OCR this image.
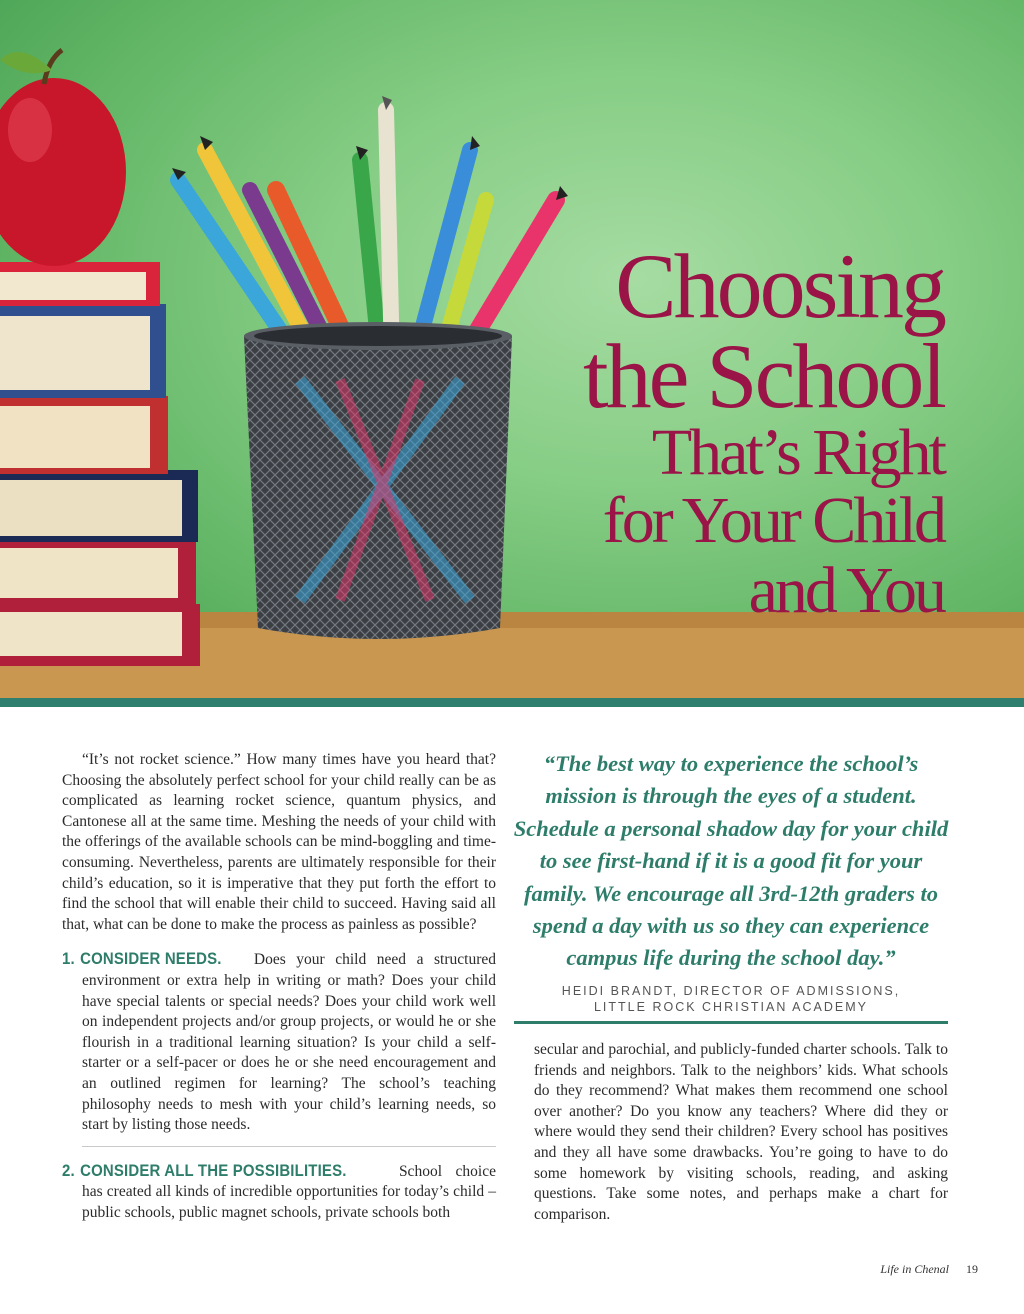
Choosing
the School
That’s Right
for Your Child
and You

“It’s not rocket science.” How many times have you heard that? Choosing the absolutely perfect school for your child really can be as complicated as learning rocket science, quantum physics, and Cantonese all at the same time. Meshing the needs of your child with the offerings of the available schools can be mind-boggling and time-consuming. Nevertheless, parents are ultimately responsible for their child’s education, so it is imperative that they put forth the effort to find the school that will enable their child to succeed. Having said all that, what can be done to make the process as painless as possible?

1. CONSIDER NEEDS. Does your child need a structured environment or extra help in writing or math? Does your child have special talents or special needs? Does your child work well on independent projects and/or group projects, or would he or she flourish in a traditional learning situation? Is your child a self-starter or a self-pacer or does he or she need encouragement and an outlined regimen for learning? The school’s teaching philosophy needs to mesh with your child’s learning needs, so start by listing those needs.
2. CONSIDER ALL THE POSSIBILITIES.	School choice has created all kinds of incredible opportunities for today’s child – public schools, public magnet schools, private schools both

“The best way to experience the school’s mission is through the eyes of a student. Schedule a personal shadow day for your child to see first-hand if it is a good fit for your family. We encourage all 3rd-12th graders to spend a day with us so they can experience campus life during the school day.”

HEIDI BRANDT, DIRECTOR OF ADMISSIONS,
LITTLE ROCK CHRISTIAN ACADEMY

secular and parochial, and publicly-funded charter schools. Talk to friends and neighbors. Talk to the neighbors’ kids. What schools do they recommend? What makes them recommend one school over another? Do you know any teachers? Where did they or where would they send their children? Every school has positives and they all have some drawbacks. You’re going to have to do some homework by visiting schools, reading, and asking questions. Take some notes, and perhaps make a chart for comparison.

Life in Chenal 19
